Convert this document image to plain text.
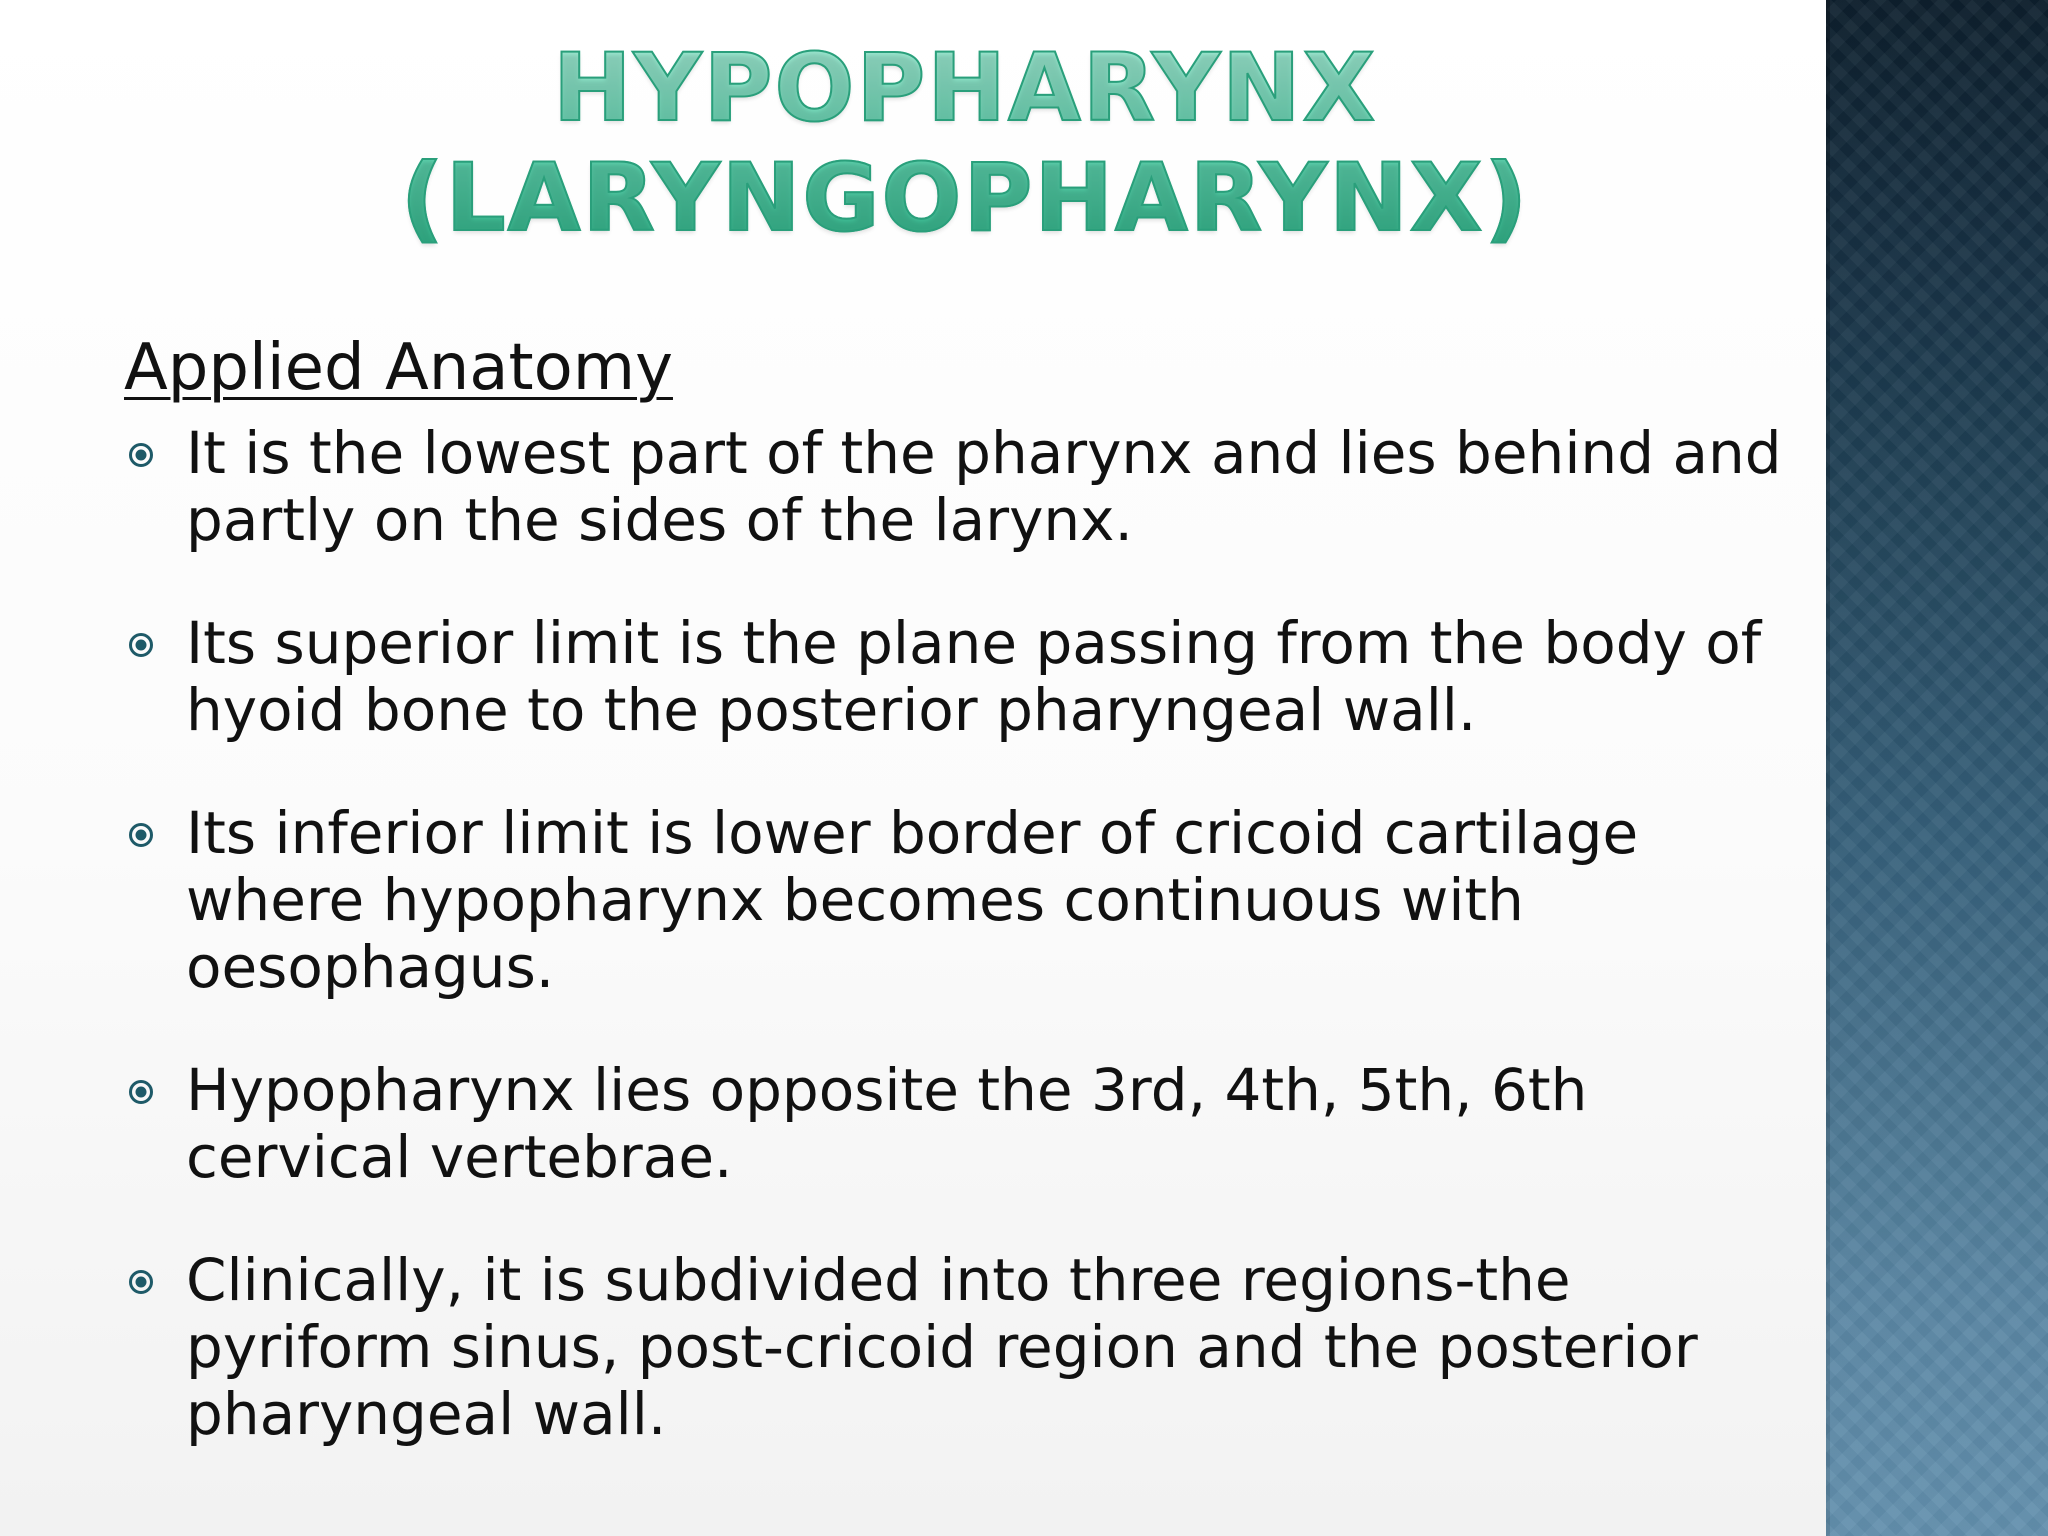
HYPOPHARYNX
(LARYNGOPHARYNX)
Applied Anatomy
It is the lowest part of the pharynx and lies behind and partly on the sides of the larynx.
Its superior limit is the plane passing from the body of hyoid bone to the posterior pharyngeal wall.
Its inferior limit is lower border of cricoid cartilage where hypopharynx becomes continuous with oesophagus.
Hypopharynx lies opposite the 3rd, 4th, 5th, 6th cervical vertebrae.
Clinically, it is subdivided into three regions-the pyriform sinus, post-cricoid region and the posterior pharyngeal wall.
